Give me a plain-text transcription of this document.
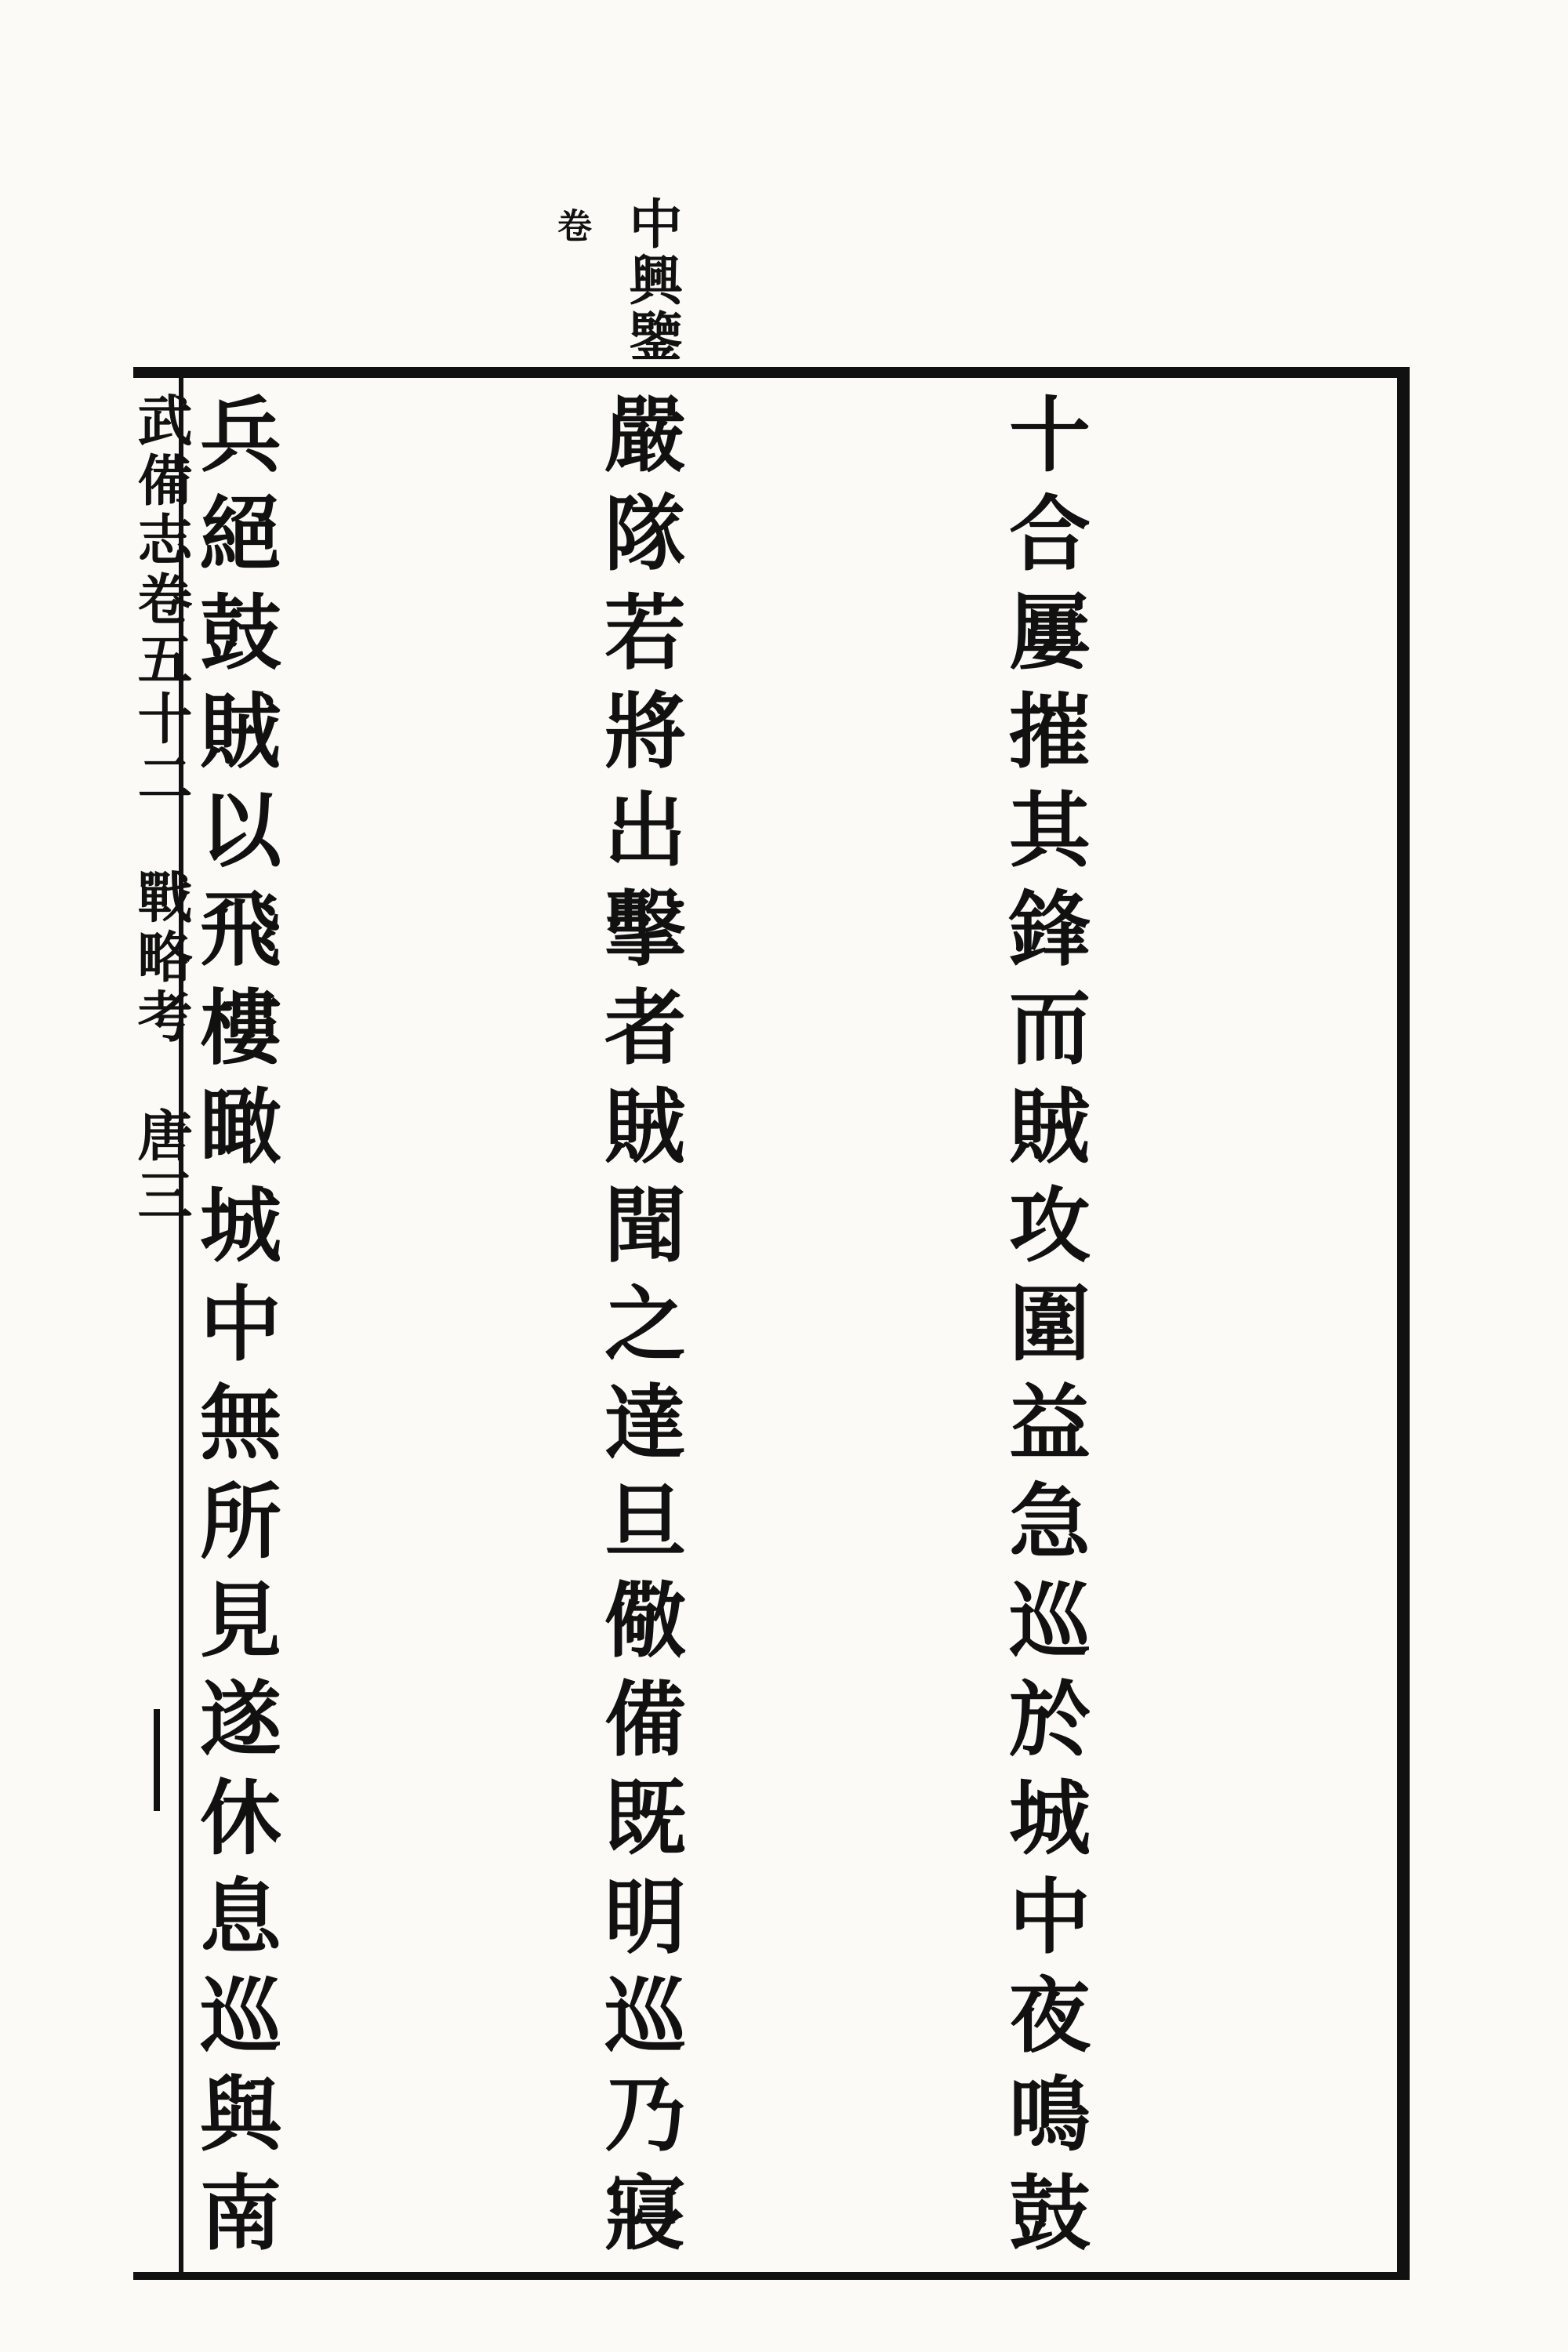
中興鑒
卷
武備志卷五十二　戰略考　唐三

	十合屢摧其鋒而賊攻圍益急巡於城中夜鳴鼓

嚴隊若將出擊者賊聞之達旦儆備既明巡乃寢

兵絕鼓賊以飛樓瞰城中無所見遂休息巡與南
